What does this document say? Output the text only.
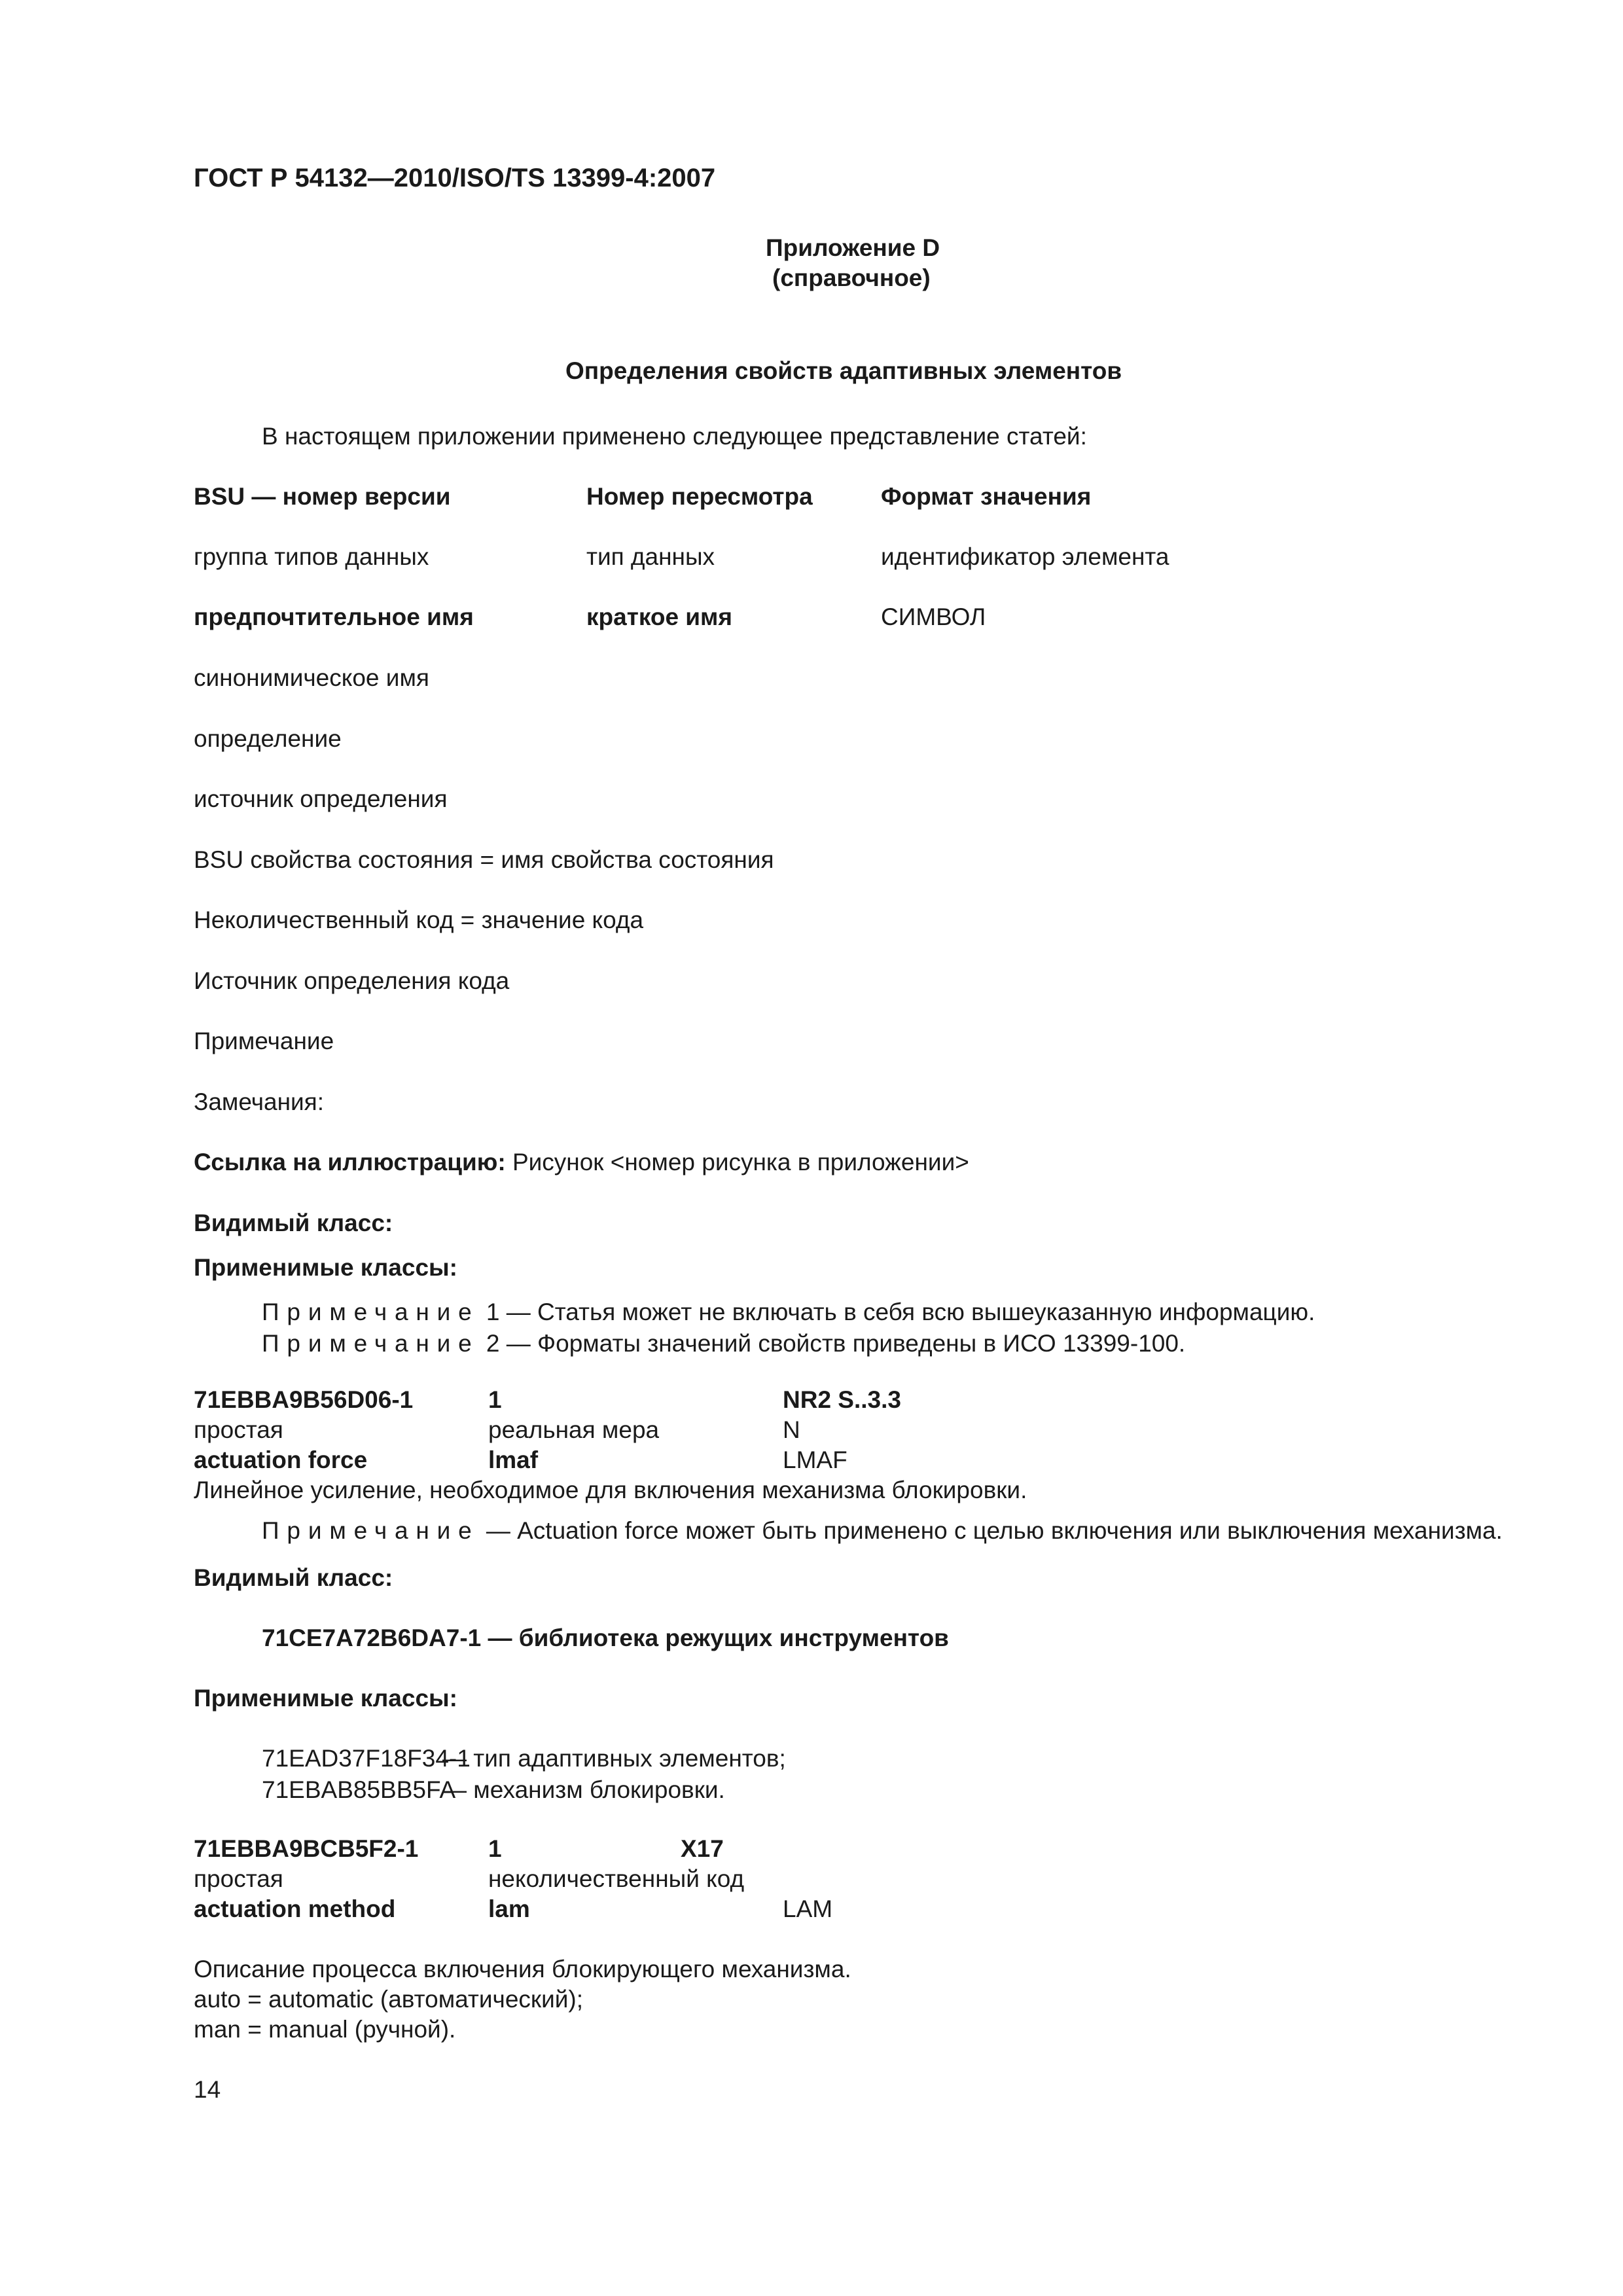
ГОСТ Р 54132—2010/ISO/TS 13399-4:2007
Приложение D
(справочное)
Определения свойств адаптивных элементов
В настоящем приложении применено следующее представление статей:
BSU — номер версии	Номер пересмотра	Формат значения
группа типов данных	тип данных	идентификатор элемента
предпочтительное имя	краткое имя	СИМВОЛ
синонимическое имя
определение
источник определения
BSU свойства состояния = имя свойства состояния
Неколичественный код = значение кода
Источник определения кода
Примечание
Замечания:
Ссылка на иллюстрацию: Рисунок <номер рисунка в приложении>
Видимый класс:
Применимые классы:
Примечание 1 — Статья может не включать в себя всю вышеуказанную информацию.
Примечание 2 — Форматы значений свойств приведены в ИСО 13399-100.
71EBBA9B56D06-1	1	NR2 S..3.3
простая	реальная мера	N
actuation force	lmaf	LMAF
Линейное усиление, необходимое для включения механизма блокировки.
Примечание — Actuation force может быть применено с целью включения или выключения механизма.
Видимый класс:
71CE7A72B6DA7-1 — библиотека режущих инструментов
Применимые классы:
71EAD37F18F34-1
— тип адаптивных элементов;
71EBAB85BB5FA
— механизм блокировки.
71EBBA9BCB5F2-1	1	X17
простая	неколичественный код
actuation method	lam	LAM
Описание процесса включения блокирующего механизма.
auto = automatic (автоматический);
man = manual (ручной).
14
